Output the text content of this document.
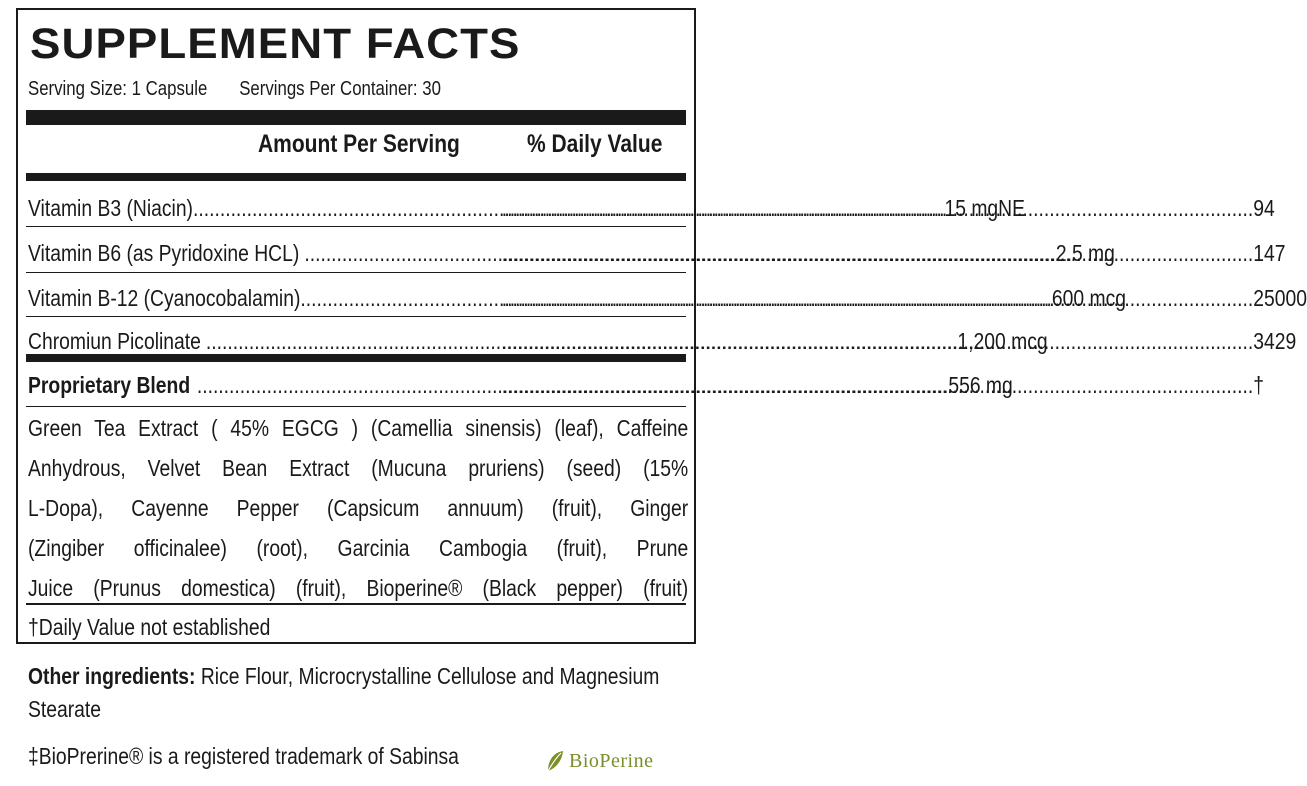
SUPPLEMENT FACTS
Serving Size: 1 Capsule Servings Per Container: 30
Amount Per Serving	% Daily Value
Vitamin B3 (Niacin) .....	15 mgNE .....	94
Vitamin B6 (as Pyridoxine HCL) .....	2.5 mg .....	147
Vitamin B-12 (Cyanocobalamin) .....	600 mcg .....	25000
Chromiun Picolinate .....	1,200 mcg .....	3429
Proprietary Blend .....	556 mg .....	†
Green Tea Extract ( 45% EGCG ) (Camellia sinensis) (leaf), Caffeine
Anhydrous, Velvet Bean Extract (Mucuna pruriens) (seed) (15%
L-Dopa), Cayenne Pepper (Capsicum annuum) (fruit), Ginger
(Zingiber officinalee) (root), Garcinia Cambogia (fruit), Prune
Juice (Prunus domestica) (fruit), Bioperine® (Black pepper) (fruit)
†Daily Value not established
Other ingredients: Rice Flour, Microcrystalline Cellulose and Magnesium Stearate
‡BioPrerine® is a registered trademark of Sabinsa	BioPerine
